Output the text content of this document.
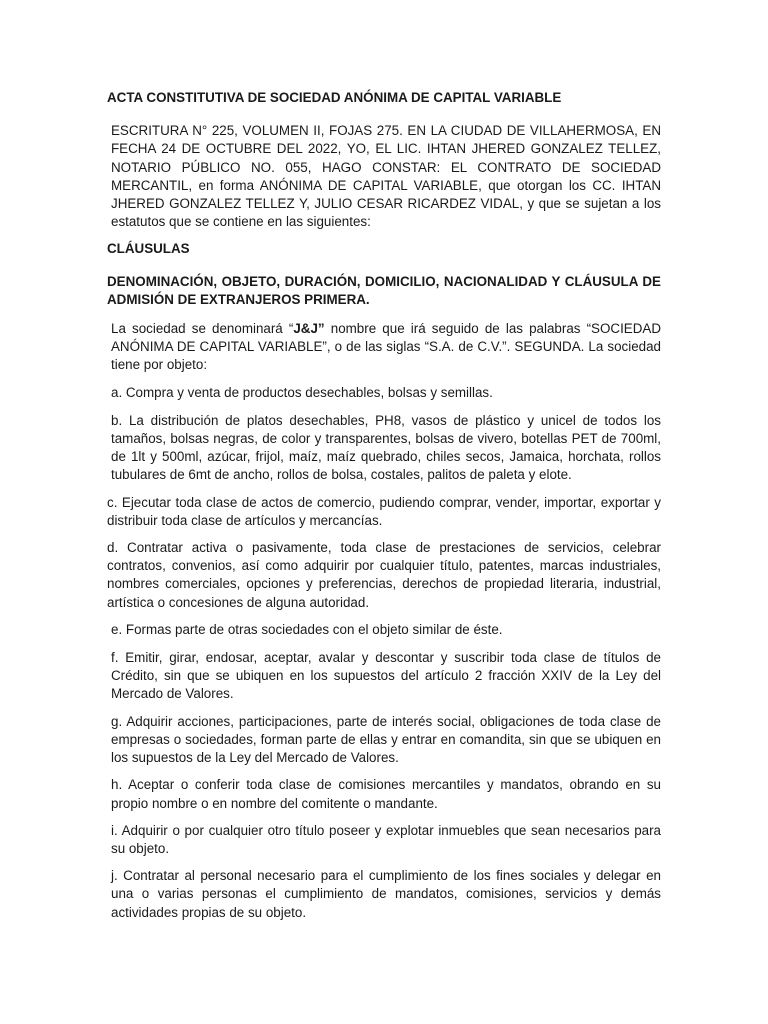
ACTA CONSTITUTIVA DE SOCIEDAD ANÓNIMA DE CAPITAL VARIABLE

ESCRITURA N° 225, VOLUMEN II, FOJAS 275. EN LA CIUDAD DE VILLAHERMOSA, EN FECHA 24 DE OCTUBRE DEL 2022, YO, EL LIC. IHTAN JHERED GONZALEZ TELLEZ, NOTARIO PÚBLICO NO. 055, HAGO CONSTAR: EL CONTRATO DE SOCIEDAD MERCANTIL, en forma ANÓNIMA DE CAPITAL VARIABLE, que otorgan los CC. IHTAN JHERED GONZALEZ TELLEZ Y, JULIO CESAR RICARDEZ VIDAL, y que se sujetan a los estatutos que se contiene en las siguientes:

CLÁUSULAS

DENOMINACIÓN, OBJETO, DURACIÓN, DOMICILIO, NACIONALIDAD Y CLÁUSULA DE ADMISIÓN DE EXTRANJEROS PRIMERA.

La sociedad se denominará “J&J” nombre que irá seguido de las palabras “SOCIEDAD ANÓNIMA DE CAPITAL VARIABLE”, o de las siglas “S.A. de C.V.”. SEGUNDA. La sociedad tiene por objeto:

a. Compra y venta de productos desechables, bolsas y semillas.

b. La distribución de platos desechables, PH8, vasos de plástico y unicel de todos los tamaños, bolsas negras, de color y transparentes, bolsas de vivero, botellas PET de 700ml, de 1lt y 500ml, azúcar, frijol, maíz, maíz quebrado, chiles secos, Jamaica, horchata, rollos tubulares de 6mt de ancho, rollos de bolsa, costales, palitos de paleta y elote.

c. Ejecutar toda clase de actos de comercio, pudiendo comprar, vender, importar, exportar y distribuir toda clase de artículos y mercancías.

d. Contratar activa o pasivamente, toda clase de prestaciones de servicios, celebrar contratos, convenios, así como adquirir por cualquier título, patentes, marcas industriales, nombres comerciales, opciones y preferencias, derechos de propiedad literaria, industrial, artística o concesiones de alguna autoridad.

e. Formas parte de otras sociedades con el objeto similar de éste.

f. Emitir, girar, endosar, aceptar, avalar y descontar y suscribir toda clase de títulos de Crédito, sin que se ubiquen en los supuestos del artículo 2 fracción XXIV de la Ley del Mercado de Valores.

g. Adquirir acciones, participaciones, parte de interés social, obligaciones de toda clase de empresas o sociedades, forman parte de ellas y entrar en comandita, sin que se ubiquen en los supuestos de la Ley del Mercado de Valores.

h. Aceptar o conferir toda clase de comisiones mercantiles y mandatos, obrando en su propio nombre o en nombre del comitente o mandante.

i. Adquirir o por cualquier otro título poseer y explotar inmuebles que sean necesarios para su objeto.

j. Contratar al personal necesario para el cumplimiento de los fines sociales y delegar en una o varias personas el cumplimiento de mandatos, comisiones, servicios y demás actividades propias de su objeto.
